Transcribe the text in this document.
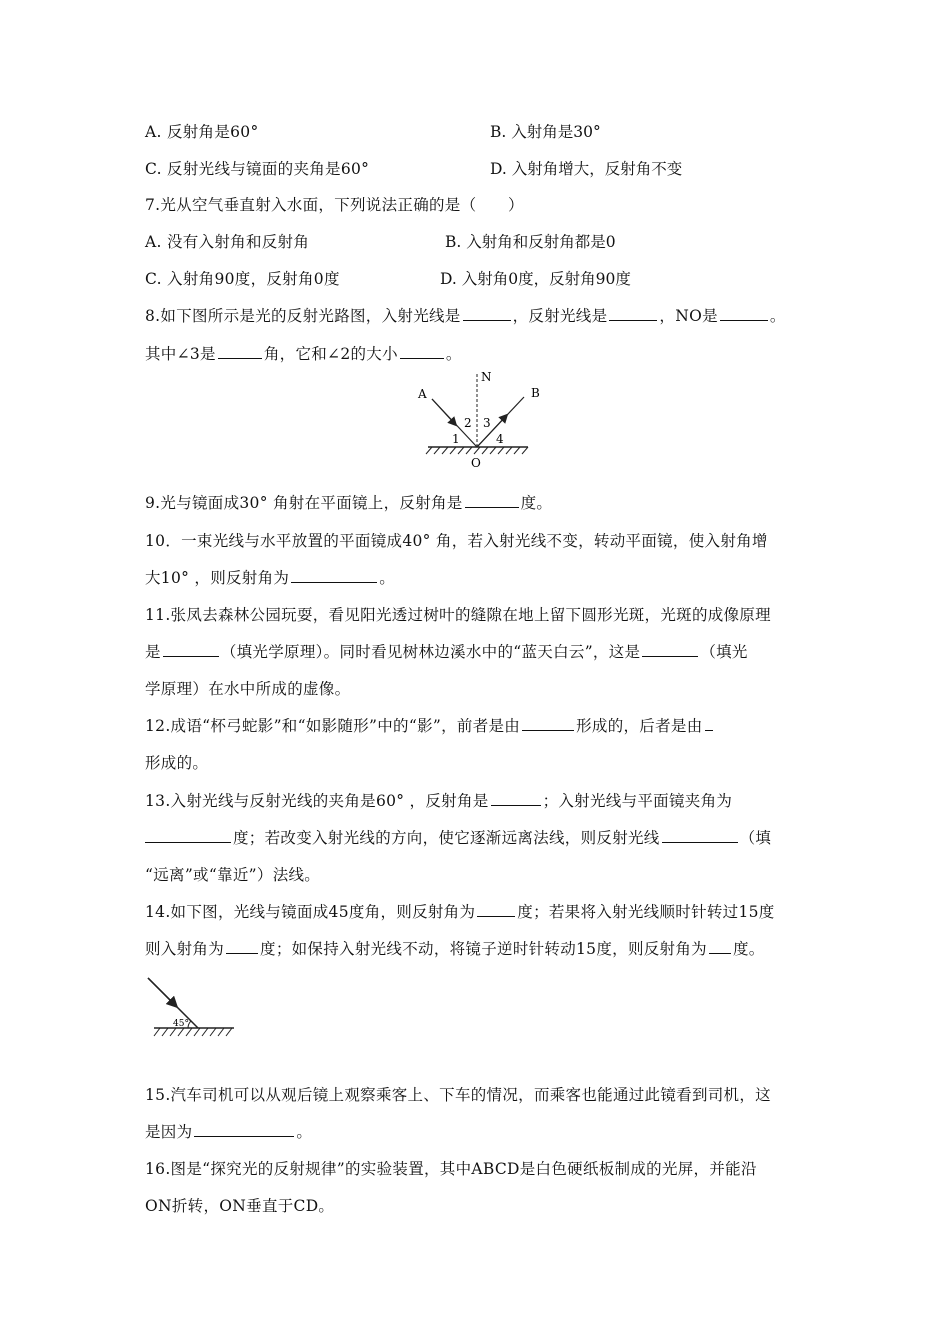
A. 反射角是60°	B. 入射角是30°
C. 反射光线与镜面的夹角是60°	D. 入射角增大，反射角不变
7.光从空气垂直射入水面，下列说法正确的是（　　）
A. 没有入射角和反射角	B. 入射角和反射角都是0
C. 入射角90度，反射角0度	D. 入射角0度，反射角90度
8.如下图所示是光的反射光路图，入射光线是	，反射光线是	，NO是	。
其中∠3是	角，它和∠2的大小	。
A
N
B
2 3
1	4
O
9.光与镜面成30° 角射在平面镜上，反射角是	度。
10．一束光线与水平放置的平面镜成40° 角，若入射光线不变，转动平面镜，使入射角增
大10° ，则反射角为	。
11.张凤去森林公园玩耍，看见阳光透过树叶的缝隙在地上留下圆形光斑，光斑的成像原理
是	（填光学原理）。同时看见树林边溪水中的“蓝天白云”，这是	（填光
学原理）在水中所成的虚像。
12.成语“杯弓蛇影”和“如影随形”中的“影”，前者是由	形成的，后者是由
形成的。
13.入射光线与反射光线的夹角是60° ，反射角是	；入射光线与平面镜夹角为
度；若改变入射光线的方向，使它逐渐远离法线，则反射光线	（填
“远离”或“靠近”）法线。
14.如下图，光线与镜面成45度角，则反射角为	度；若果将入射光线顺时针转过15度
则入射角为 度；如保持入射光线不动，将镜子逆时针转动15度，则反射角为 度。
45°
15.汽车司机可以从观后镜上观察乘客上、下车的情况，而乘客也能通过此镜看到司机，这
是因为	。
16.图是“探究光的反射规律”的实验装置，其中ABCD是白色硬纸板制成的光屏，并能沿
ON折转，ON垂直于CD。
